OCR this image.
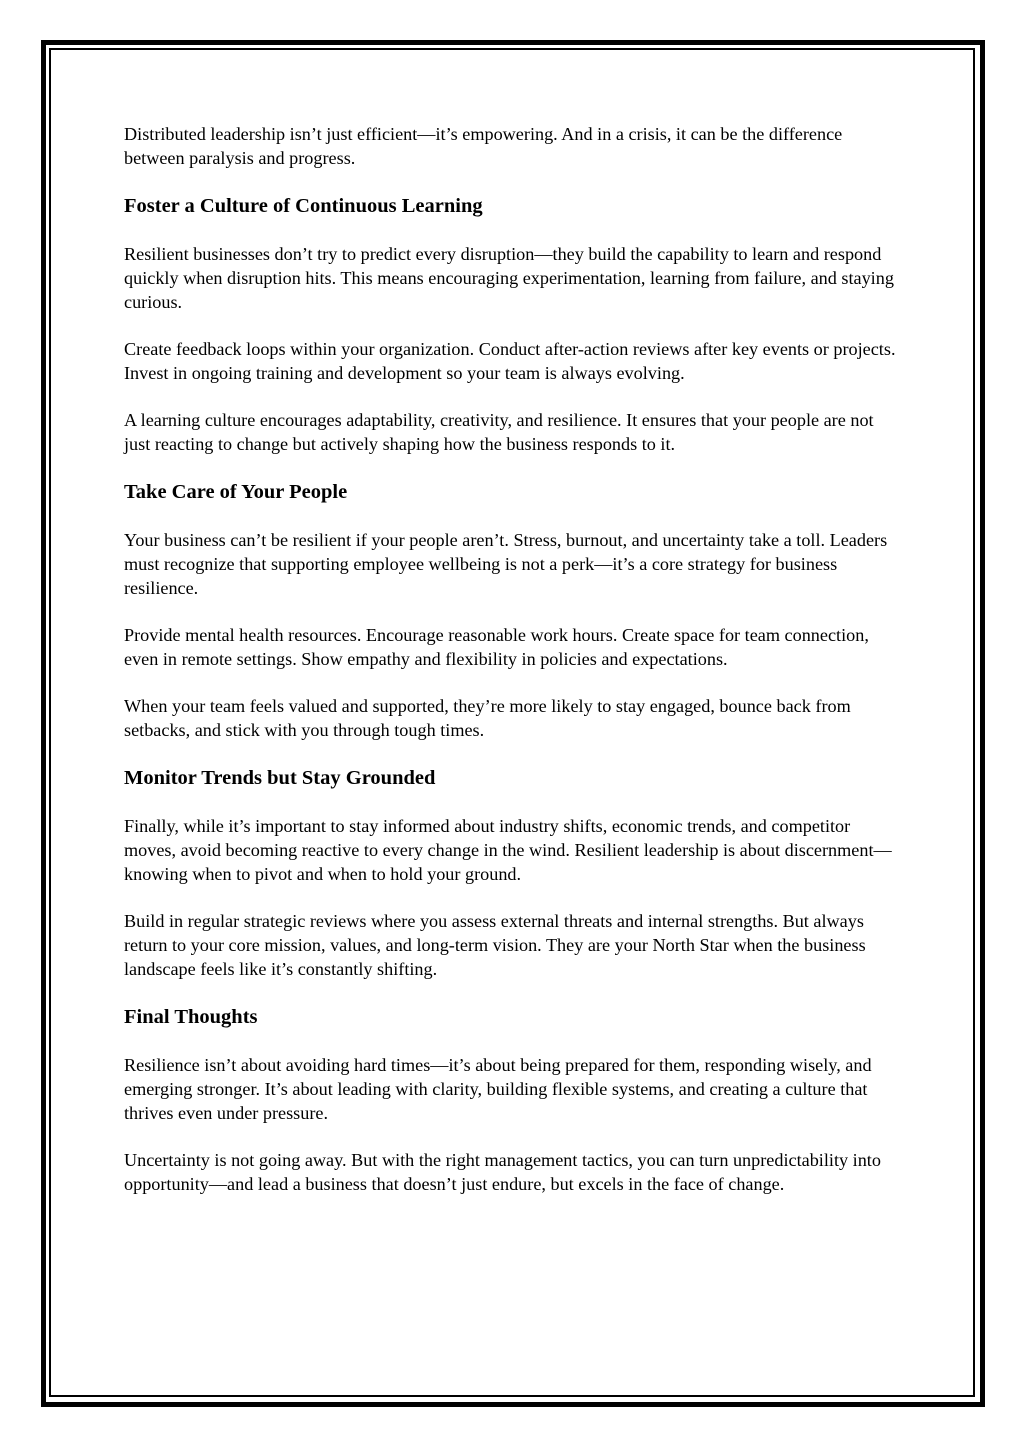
Distributed leadership isn’t just efficient—it’s empowering. And in a crisis, it can be the difference between paralysis and progress.

Foster a Culture of Continuous Learning

Resilient businesses don’t try to predict every disruption—they build the capability to learn and respond quickly when disruption hits. This means encouraging experimentation, learning from failure, and staying curious.

Create feedback loops within your organization. Conduct after-action reviews after key events or projects. Invest in ongoing training and development so your team is always evolving.

A learning culture encourages adaptability, creativity, and resilience. It ensures that your people are not just reacting to change but actively shaping how the business responds to it.

Take Care of Your People

Your business can’t be resilient if your people aren’t. Stress, burnout, and uncertainty take a toll. Leaders must recognize that supporting employee wellbeing is not a perk—it’s a core strategy for business resilience.

Provide mental health resources. Encourage reasonable work hours. Create space for team connection, even in remote settings. Show empathy and flexibility in policies and expectations.

When your team feels valued and supported, they’re more likely to stay engaged, bounce back from setbacks, and stick with you through tough times.

Monitor Trends but Stay Grounded

Finally, while it’s important to stay informed about industry shifts, economic trends, and competitor moves, avoid becoming reactive to every change in the wind. Resilient leadership is about discernment—knowing when to pivot and when to hold your ground.

Build in regular strategic reviews where you assess external threats and internal strengths. But always return to your core mission, values, and long-term vision. They are your North Star when the business landscape feels like it’s constantly shifting.

Final Thoughts

Resilience isn’t about avoiding hard times—it’s about being prepared for them, responding wisely, and emerging stronger. It’s about leading with clarity, building flexible systems, and creating a culture that thrives even under pressure.

Uncertainty is not going away. But with the right management tactics, you can turn unpredictability into opportunity—and lead a business that doesn’t just endure, but excels in the face of change.
